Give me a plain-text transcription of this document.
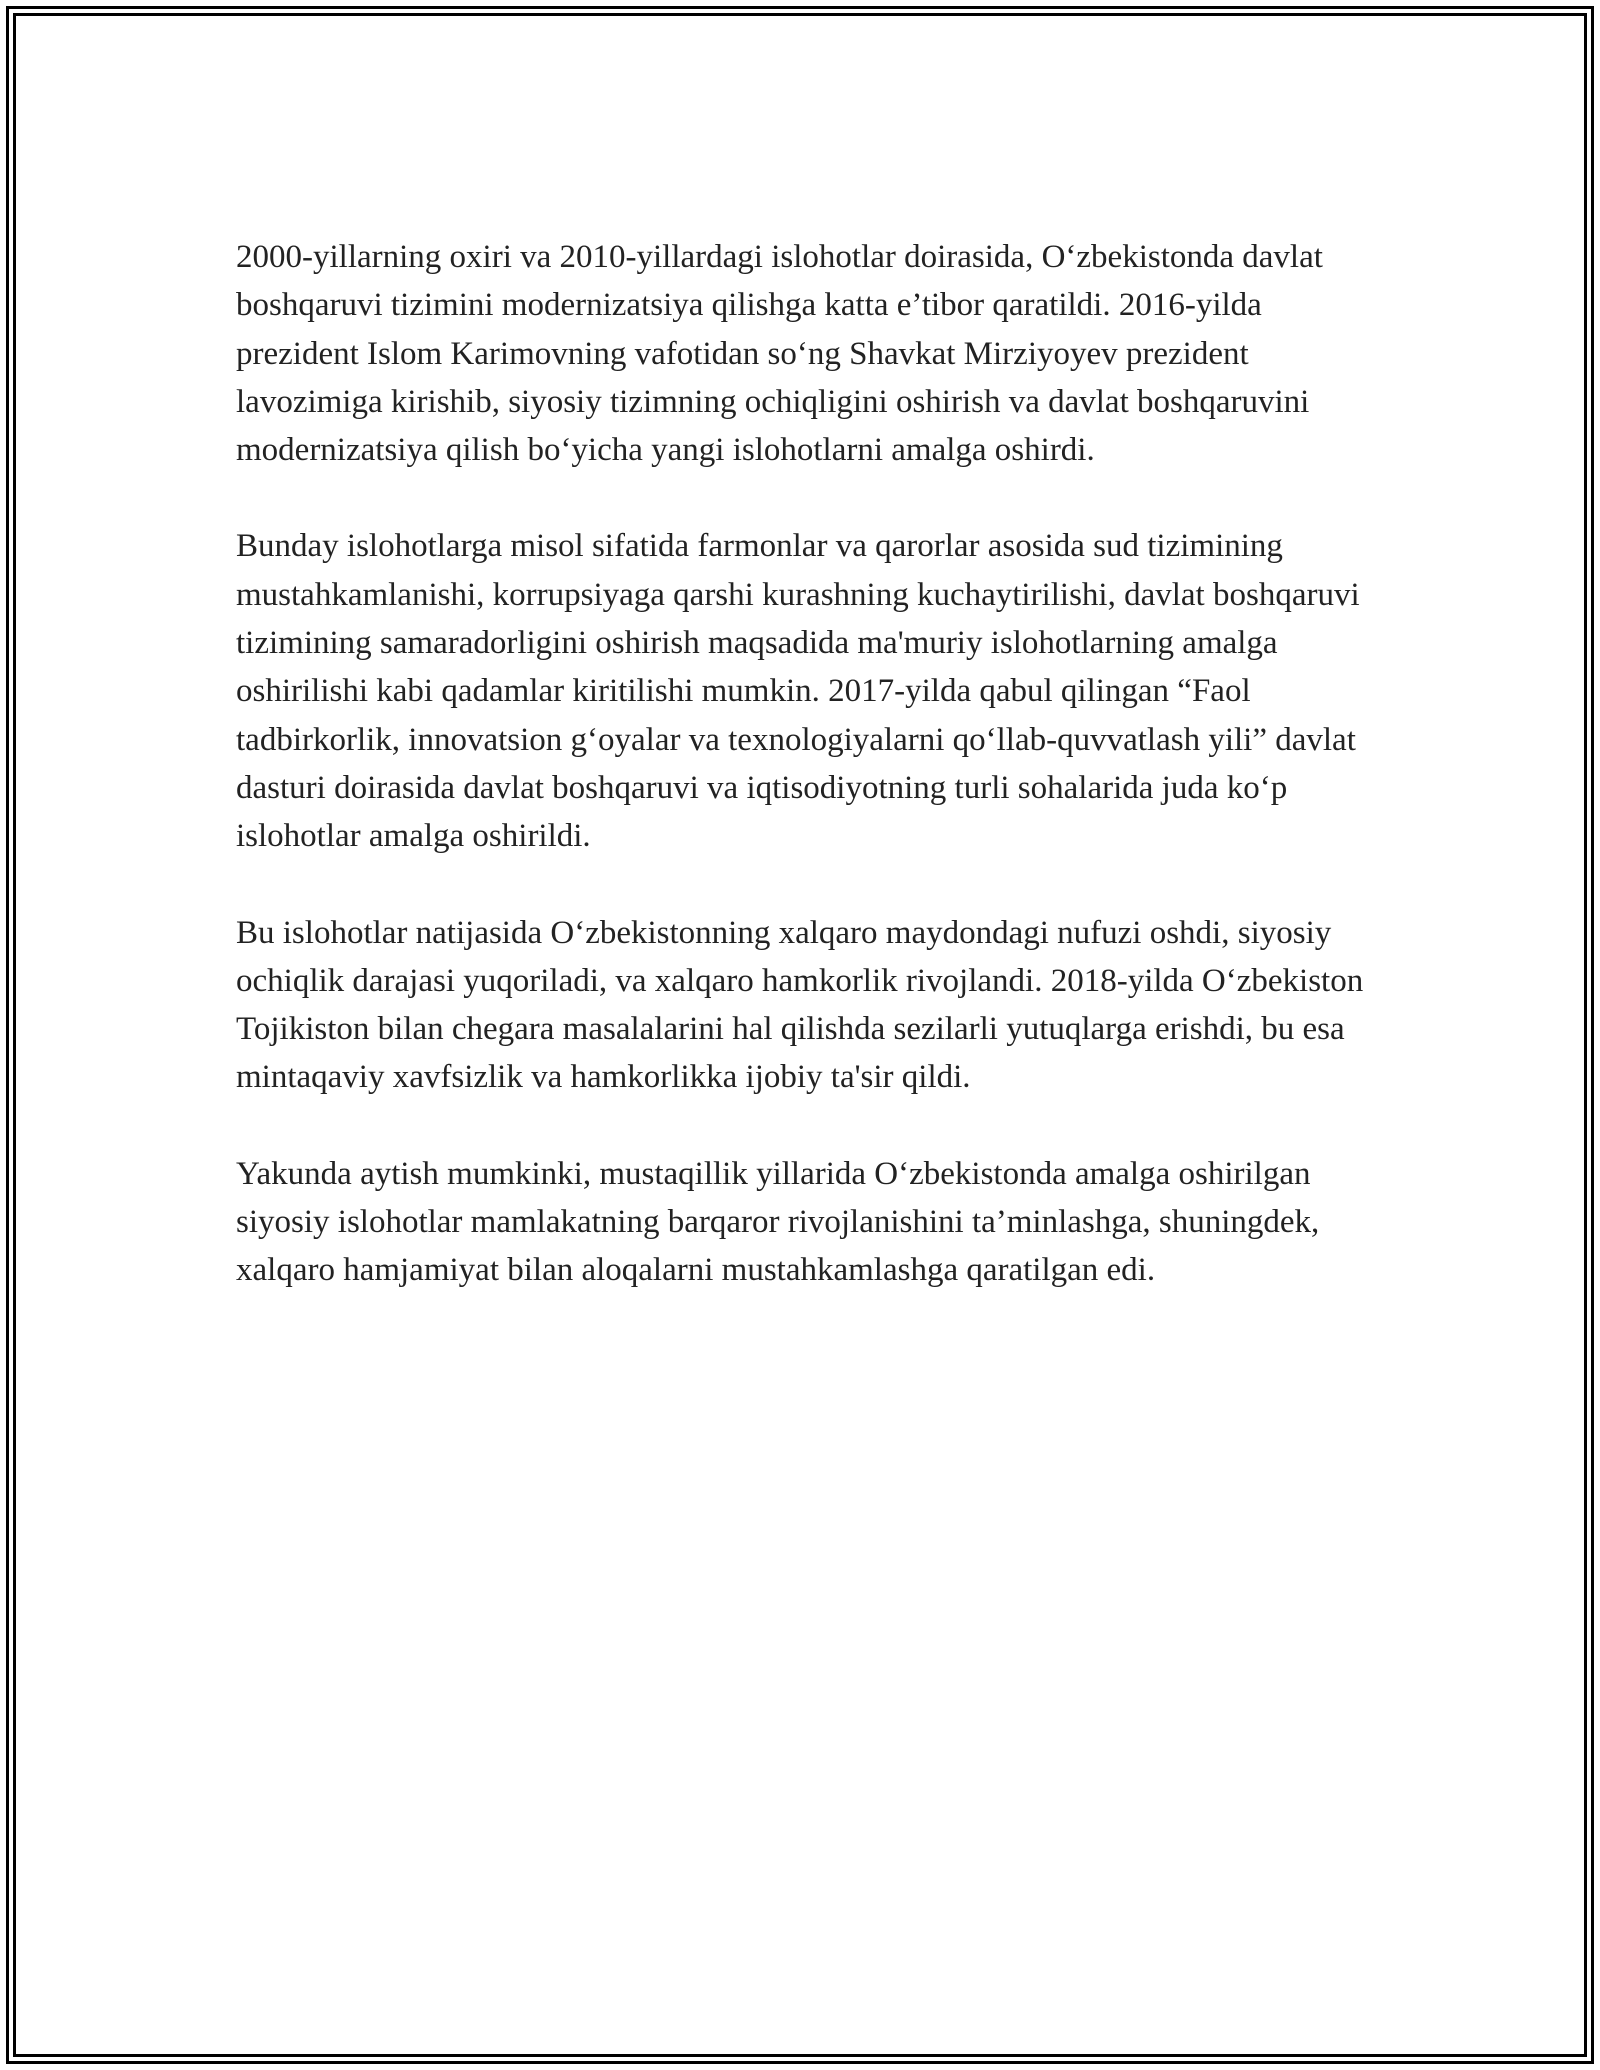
2000-yillarning oxiri va 2010-yillardagi islohotlar doirasida, O‘zbekistonda davlat boshqaruvi tizimini modernizatsiya qilishga katta e’tibor qaratildi. 2016-yilda prezident Islom Karimovning vafotidan so‘ng Shavkat Mirziyoyev prezident lavozimiga kirishib, siyosiy tizimning ochiqligini oshirish va davlat boshqaruvini modernizatsiya qilish bo‘yicha yangi islohotlarni amalga oshirdi.

Bunday islohotlarga misol sifatida farmonlar va qarorlar asosida sud tizimining mustahkamlanishi, korrupsiyaga qarshi kurashning kuchaytirilishi, davlat boshqaruvi tizimining samaradorligini oshirish maqsadida ma'muriy islohotlarning amalga oshirilishi kabi qadamlar kiritilishi mumkin. 2017-yilda qabul qilingan “Faol tadbirkorlik, innovatsion g‘oyalar va texnologiyalarni qo‘llab-quvvatlash yili” davlat dasturi doirasida davlat boshqaruvi va iqtisodiyotning turli sohalarida juda ko‘p islohotlar amalga oshirildi.

Bu islohotlar natijasida O‘zbekistonning xalqaro maydondagi nufuzi oshdi, siyosiy ochiqlik darajasi yuqoriladi, va xalqaro hamkorlik rivojlandi. 2018-yilda O‘zbekiston Tojikiston bilan chegara masalalarini hal qilishda sezilarli yutuqlarga erishdi, bu esa mintaqaviy xavfsizlik va hamkorlikka ijobiy ta'sir qildi.

Yakunda aytish mumkinki, mustaqillik yillarida O‘zbekistonda amalga oshirilgan siyosiy islohotlar mamlakatning barqaror rivojlanishini ta’minlashga, shuningdek, xalqaro hamjamiyat bilan aloqalarni mustahkamlashga qaratilgan edi.
